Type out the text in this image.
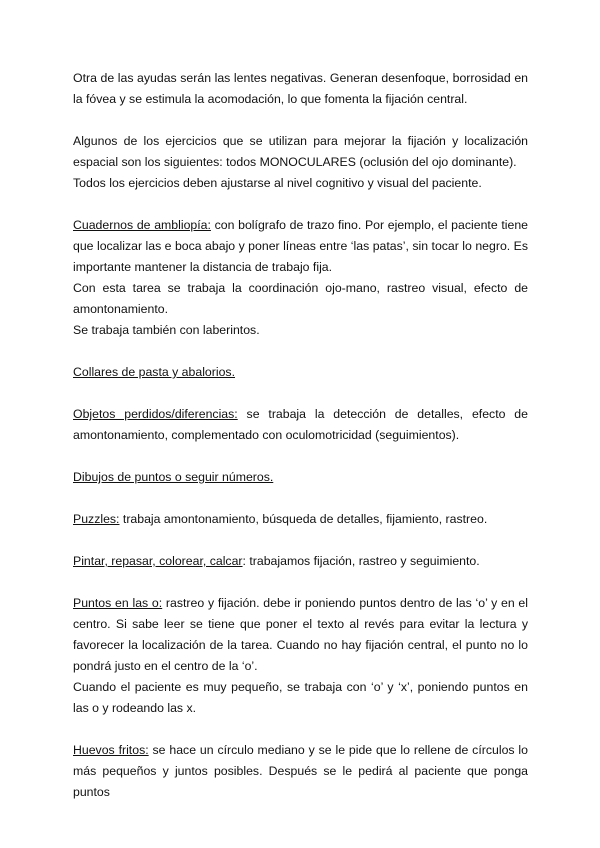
Otra de las ayudas serán las lentes negativas. Generan desenfoque, borrosidad en la fóvea y se estimula la acomodación, lo que fomenta la fijación central.

Algunos de los ejercicios que se utilizan para mejorar la fijación y localización espacial son los siguientes: todos MONOCULARES (oclusión del ojo dominante).

Todos los ejercicios deben ajustarse al nivel cognitivo y visual del paciente.

Cuadernos de ambliopía: con bolígrafo de trazo fino. Por ejemplo, el paciente tiene que localizar las e boca abajo y poner líneas entre ‘las patas’, sin tocar lo negro. Es importante mantener la distancia de trabajo fija.

Con esta tarea se trabaja la coordinación ojo-mano, rastreo visual, efecto de amontonamiento.

Se trabaja también con laberintos.

Collares de pasta y abalorios.

Objetos perdidos/diferencias: se trabaja la detección de detalles, efecto de amontonamiento, complementado con oculomotricidad (seguimientos).

Dibujos de puntos o seguir números.

Puzzles: trabaja amontonamiento, búsqueda de detalles, fijamiento, rastreo.

Pintar, repasar, colorear, calcar: trabajamos fijación, rastreo y seguimiento.

Puntos en las o: rastreo y fijación. debe ir poniendo puntos dentro de las ‘o’ y en el centro. Si sabe leer se tiene que poner el texto al revés para evitar la lectura y favorecer la localización de la tarea. Cuando no hay fijación central, el punto no lo pondrá justo en el centro de la ‘o’.

Cuando el paciente es muy pequeño, se trabaja con ‘o’ y ‘x’, poniendo puntos en las o y rodeando las x.

Huevos fritos: se hace un círculo mediano y se le pide que lo rellene de círculos lo más pequeños y juntos posibles. Después se le pedirá al paciente que ponga puntos
